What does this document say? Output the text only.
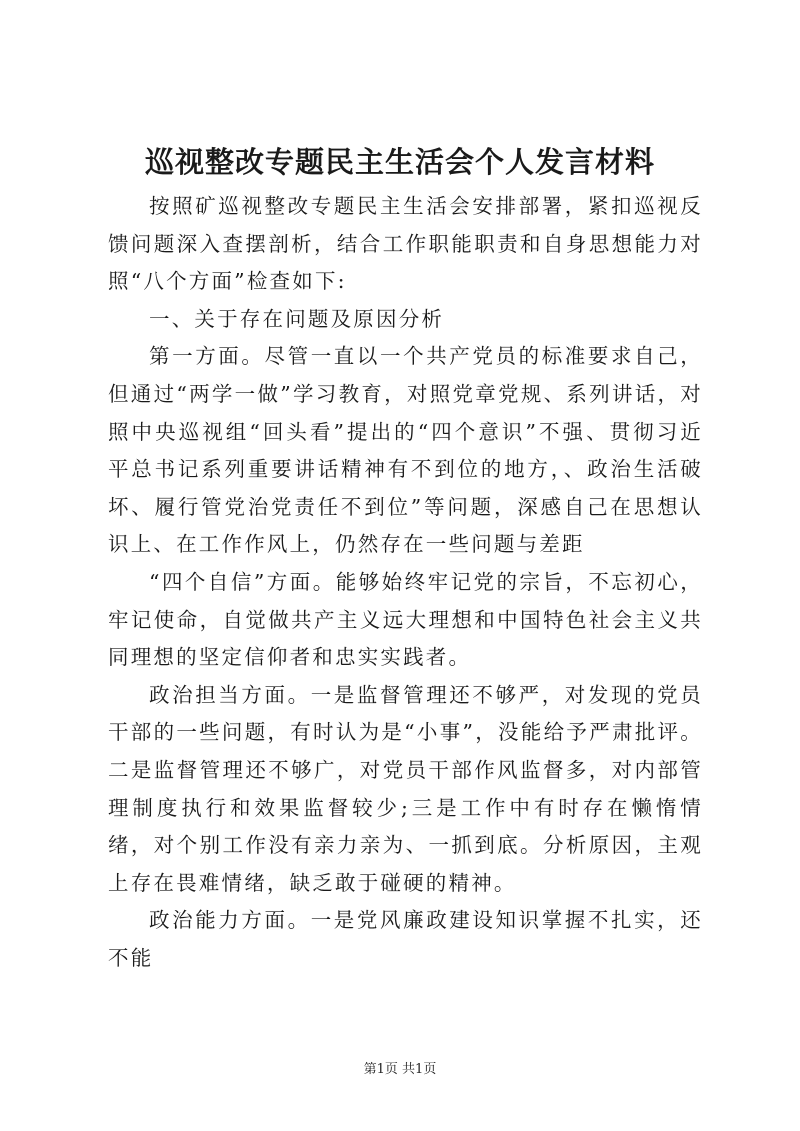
巡视整改专题民主生活会个人发言材料

按照矿巡视整改专题民主生活会安排部署，紧扣巡视反馈问题深入查摆剖析，结合工作职能职责和自身思想能力对照“八个方面”检查如下:

一、关于存在问题及原因分析

第一方面。尽管一直以一个共产党员的标准要求自己，但通过“两学一做”学习教育，对照党章党规、系列讲话，对照中央巡视组“回头看”提出的“四个意识”不强、贯彻习近平总书记系列重要讲话精神有不到位的地方，、政治生活破坏、履行管党治党责任不到位”等问题，深感自己在思想认识上、在工作作风上，仍然存在一些问题与差距

“四个自信”方面。能够始终牢记党的宗旨，不忘初心，牢记使命，自觉做共产主义远大理想和中国特色社会主义共同理想的坚定信仰者和忠实实践者。

政治担当方面。一是监督管理还不够严，对发现的党员干部的一些问题，有时认为是“小事”，没能给予严肃批评。二是监督管理还不够广，对党员干部作风监督多，对内部管理制度执行和效果监督较少;三是工作中有时存在懒惰情绪，对个别工作没有亲力亲为、一抓到底。分析原因，主观上存在畏难情绪，缺乏敢于碰硬的精神。

政治能力方面。一是党风廉政建设知识掌握不扎实，还不能

第1页 共1页
